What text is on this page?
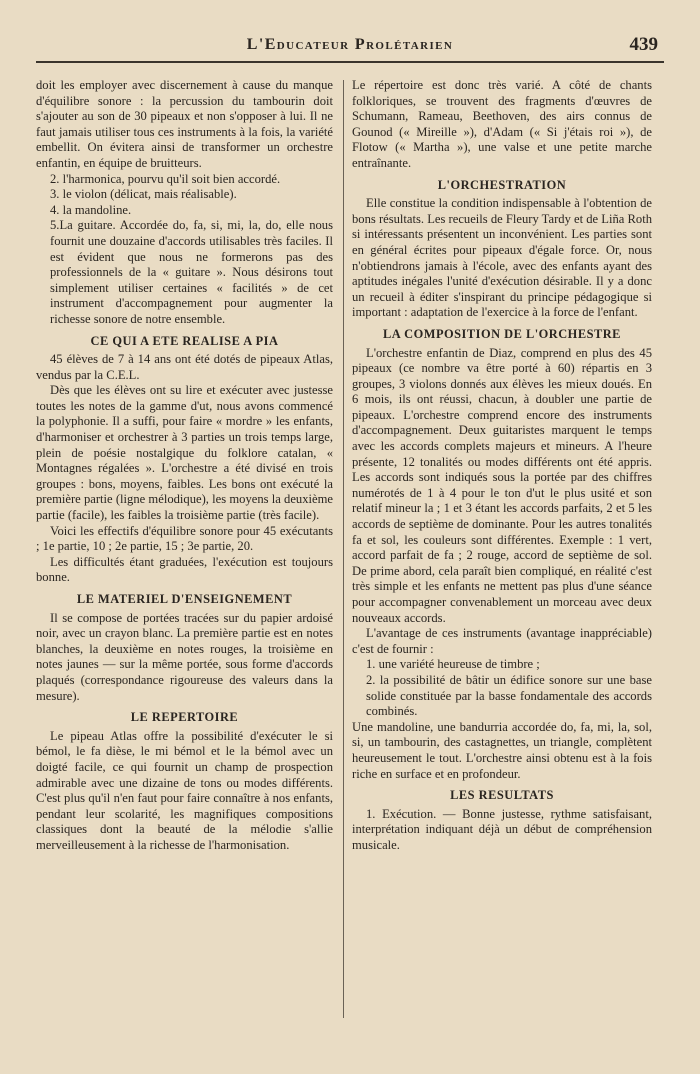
L'Educateur Prolétarien	439

doit les employer avec discernement à cause du manque d'équilibre sonore : la percussion du tambourin doit s'ajouter au son de 30 pipeaux et non s'opposer à lui. Il ne faut jamais utiliser tous ces instruments à la fois, la variété embellit. On évitera ainsi de transformer un orchestre enfantin, en équipe de bruitteurs.

2. l'harmonica, pourvu qu'il soit bien accordé.

3. le violon (délicat, mais réalisable).

4. la mandoline.

5.La guitare. Accordée do, fa, si, mi, la, do, elle nous fournit une douzaine d'accords utilisables très faciles. Il est évident que nous ne formerons pas des professionnels de la « guitare ». Nous désirons tout simplement utiliser certaines « facilités » de cet instrument d'accompagnement pour augmenter la richesse sonore de notre ensemble.

CE QUI A ETE REALISE A PIA

45 élèves de 7 à 14 ans ont été dotés de pipeaux Atlas, vendus par la C.E.L.

Dès que les élèves ont su lire et exécuter avec justesse toutes les notes de la gamme d'ut, nous avons commencé la polyphonie. Il a suffi, pour faire « mordre » les enfants, d'harmoniser et orchestrer à 3 parties un trois temps large, plein de poésie nostalgique du folklore catalan, « Montagnes régalées ». L'orchestre a été divisé en trois groupes : bons, moyens, faibles. Les bons ont exécuté la première partie (ligne mélodique), les moyens la deuxième partie (facile), les faibles la troisième partie (très facile).

Voici les effectifs d'équilibre sonore pour 45 exécutants ; 1e partie, 10 ; 2e partie, 15 ; 3e partie, 20.

Les difficultés étant graduées, l'exécution est toujours bonne.

LE MATERIEL D'ENSEIGNEMENT

Il se compose de portées tracées sur du papier ardoisé noir, avec un crayon blanc. La première partie est en notes blanches, la deuxième en notes rouges, la troisième en notes jaunes — sur la même portée, sous forme d'accords plaqués (correspondance rigoureuse des valeurs dans la mesure).

LE REPERTOIRE

Le pipeau Atlas offre la possibilité d'exécuter le si bémol, le fa dièse, le mi bémol et le la bémol avec un doigté facile, ce qui fournit un champ de prospection admirable avec une dizaine de tons ou modes différents. C'est plus qu'il n'en faut pour faire connaître à nos enfants, pendant leur scolarité, les magnifiques compositions classiques dont la beauté de la mélodie s'allie merveilleusement à la richesse de l'harmonisation.

Le répertoire est donc très varié. A côté de chants folkloriques, se trouvent des fragments d'œuvres de Schumann, Rameau, Beethoven, des airs connus de Gounod (« Mireille »), d'Adam (« Si j'étais roi »), de Flotow (« Martha »), une valse et une petite marche entraînante.

L'ORCHESTRATION

Elle constitue la condition indispensable à l'obtention de bons résultats. Les recueils de Fleury Tardy et de Liña Roth si intéressants présentent un inconvénient. Les parties sont en général écrites pour pipeaux d'égale force. Or, nous n'obtiendrons jamais à l'école, avec des enfants ayant des aptitudes inégales l'unité d'exécution désirable. Il y a donc un recueil à éditer s'inspirant du principe pédagogique si important : adaptation de l'exercice à la force de l'enfant.

LA COMPOSITION DE L'ORCHESTRE

L'orchestre enfantin de Diaz, comprend en plus des 45 pipeaux (ce nombre va être porté à 60) répartis en 3 groupes, 3 violons donnés aux élèves les mieux doués. En 6 mois, ils ont réussi, chacun, à doubler une partie de pipeaux. L'orchestre comprend encore des instruments d'accompagnement. Deux guitaristes marquent le temps avec les accords complets majeurs et mineurs. A l'heure présente, 12 tonalités ou modes différents ont été appris. Les accords sont indiqués sous la portée par des chiffres numérotés de 1 à 4 pour le ton d'ut le plus usité et son relatif mineur la ; 1 et 3 étant les accords parfaits, 2 et 5 les accords de septième de dominante. Pour les autres tonalités fa et sol, les couleurs sont différentes. Exemple : 1 vert, accord parfait de fa ; 2 rouge, accord de septième de sol. De prime abord, cela paraît bien compliqué, en réalité c'est très simple et les enfants ne mettent pas plus d'une séance pour accompagner convenablement un morceau avec deux nouveaux accords.

L'avantage de ces instruments (avantage inappréciable) c'est de fournir :

1. une variété heureuse de timbre ;

2. la possibilité de bâtir un édifice sonore sur une base solide constituée par la basse fondamentale des accords combinés.

Une mandoline, une bandurria accordée do, fa, mi, la, sol, si, un tambourin, des castagnettes, un triangle, complètent heureusement le tout. L'orchestre ainsi obtenu est à la fois riche en surface et en profondeur.

LES RESULTATS

1. Exécution. — Bonne justesse, rythme satisfaisant, interprétation indiquant déjà un début de compréhension musicale.
